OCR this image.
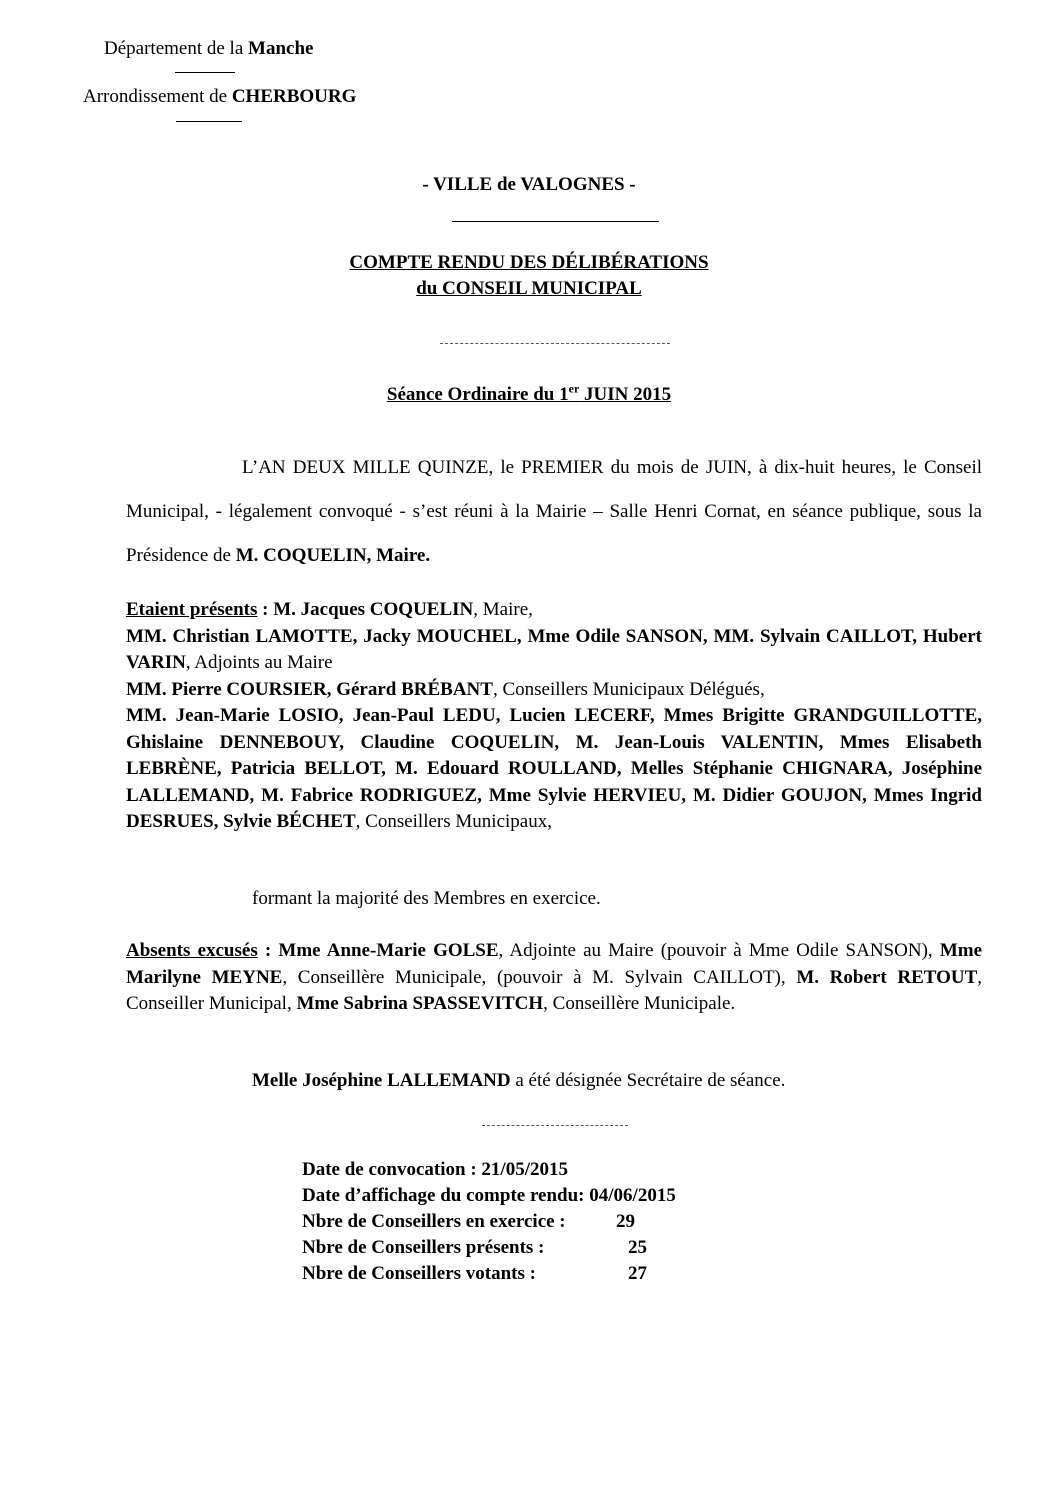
Département de la Manche
Arrondissement de CHERBOURG
- VILLE de VALOGNES -
COMPTE RENDU DES DÉLIBÉRATIONS
du CONSEIL MUNICIPAL
Séance Ordinaire du 1er JUIN 2015
L’AN DEUX MILLE QUINZE, le PREMIER du mois de JUIN, à dix-huit heures, le Conseil Municipal, - légalement convoqué - s’est réuni à la Mairie – Salle Henri Cornat, en séance publique, sous la Présidence de M. COQUELIN, Maire.
Etaient présents : M. Jacques COQUELIN, Maire,
MM. Christian LAMOTTE, Jacky MOUCHEL, Mme Odile SANSON, MM. Sylvain CAILLOT, Hubert VARIN, Adjoints au Maire
MM. Pierre COURSIER, Gérard BRÉBANT, Conseillers Municipaux Délégués,
MM. Jean-Marie LOSIO, Jean-Paul LEDU, Lucien LECERF, Mmes Brigitte GRANDGUILLOTTE, Ghislaine DENNEBOUY, Claudine COQUELIN, M. Jean-Louis VALENTIN, Mmes Elisabeth LEBRÈNE, Patricia BELLOT, M. Edouard ROULLAND, Melles Stéphanie CHIGNARA, Joséphine LALLEMAND, M. Fabrice RODRIGUEZ, Mme Sylvie HERVIEU, M. Didier GOUJON, Mmes Ingrid DESRUES, Sylvie BÉCHET, Conseillers Municipaux,
formant la majorité des Membres en exercice.
Absents excusés : Mme Anne-Marie GOLSE, Adjointe au Maire (pouvoir à Mme Odile SANSON), Mme Marilyne MEYNE, Conseillère Municipale, (pouvoir à M. Sylvain CAILLOT), M. Robert RETOUT, Conseiller Municipal, Mme Sabrina SPASSEVITCH, Conseillère Municipale.
Melle Joséphine LALLEMAND a été désignée Secrétaire de séance.
Date de convocation : 21/05/2015
Date d’affichage du compte rendu: 04/06/2015
Nbre de Conseillers en exercice :	29
Nbre de Conseillers présents :	25
Nbre de Conseillers votants :	27
